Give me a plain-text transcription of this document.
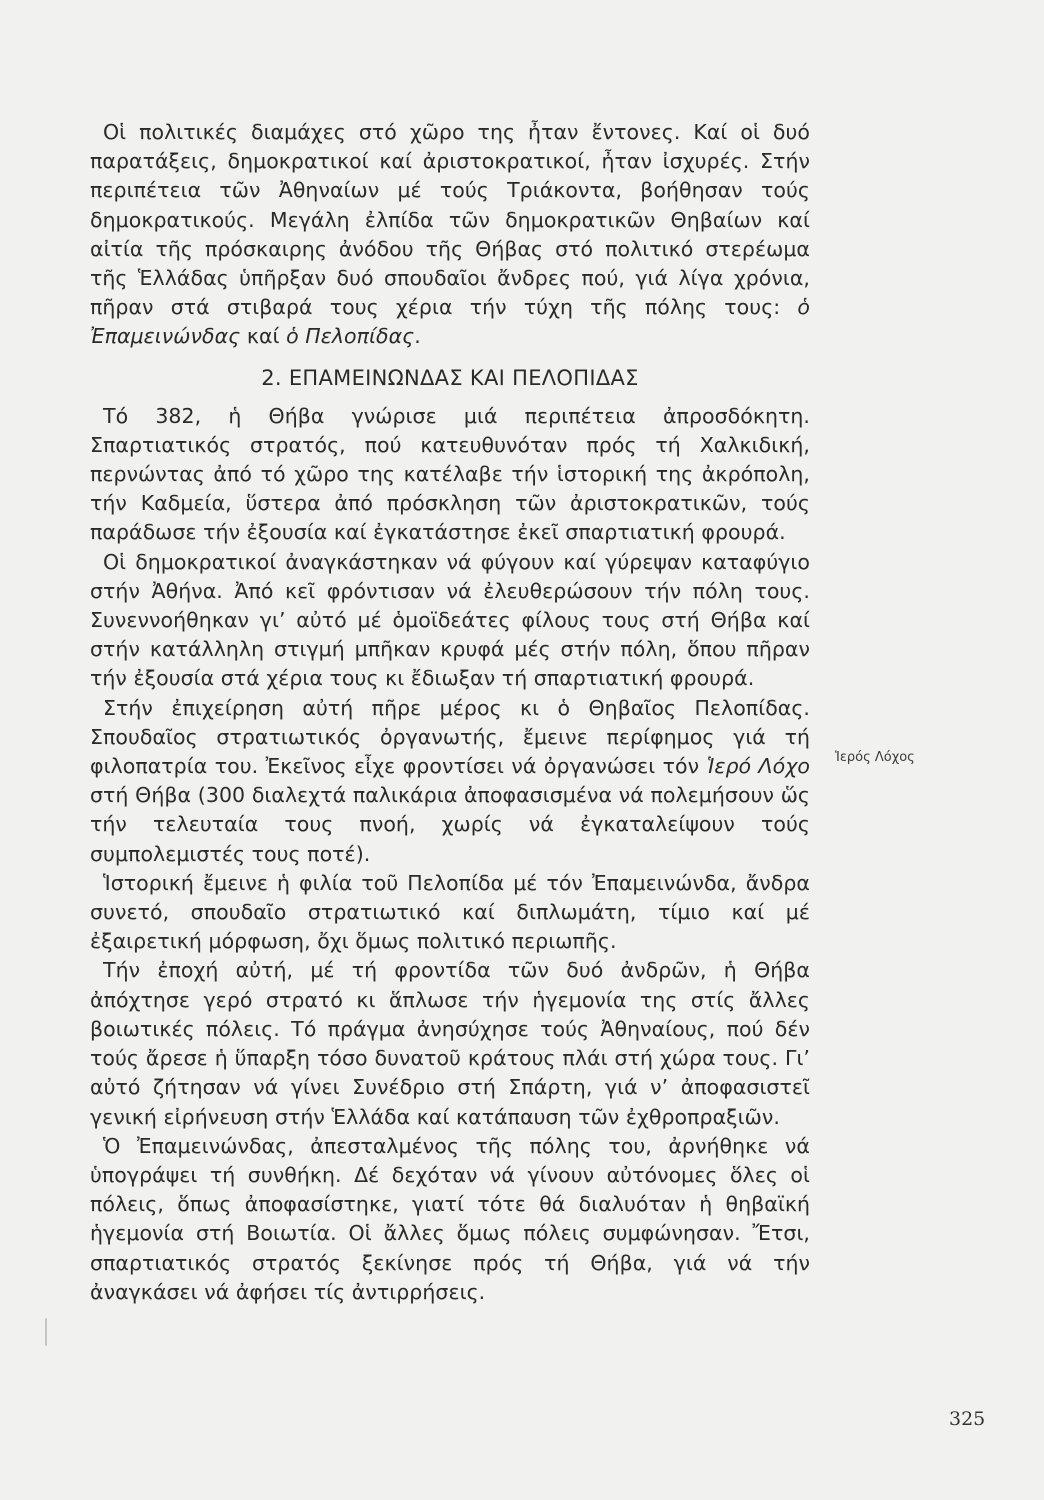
Οἱ πολιτικές διαμάχες στό χῶρο της ἦταν ἔντονες. Καί οἱ δυό παρατάξεις, δημοκρατικοί καί ἀριστοκρατικοί, ἦταν ἰσχυρές. Στήν περιπέτεια τῶν Ἀθηναίων μέ τούς Τριάκοντα, βοήθησαν τούς δημοκρατικούς. Μεγάλη ἐλπίδα τῶν δημοκρατικῶν Θηβαίων καί αἰτία τῆς πρόσκαιρης ἀνόδου τῆς Θήβας στό πολιτικό στερέωμα τῆς Ἑλλάδας ὑπῆρξαν δυό σπουδαῖοι ἄνδρες πού, γιά λίγα χρόνια, πῆραν στά στιβαρά τους χέρια τήν τύχη τῆς πόλης τους: ὁ Ἐπαμεινώνδας καί ὁ Πελοπίδας.

2. ΕΠΑΜΕΙΝΩΝΔΑΣ ΚΑΙ ΠΕΛΟΠΙΔΑΣ

Τό 382, ἡ Θήβα γνώρισε μιά περιπέτεια ἀπροσδόκητη. Σπαρτιατικός στρατός, πού κατευθυνόταν πρός τή Χαλκιδική, περνώντας ἀπό τό χῶρο της κατέλαβε τήν ἱστορική της ἀκρόπολη, τήν Καδμεία, ὕστερα ἀπό πρόσκληση τῶν ἀριστοκρατικῶν, τούς παράδωσε τήν ἐξουσία καί ἐγκατάστησε ἐκεῖ σπαρτιατική φρουρά.

Οἱ δημοκρατικοί ἀναγκάστηκαν νά φύγουν καί γύρεψαν καταφύγιο στήν Ἀθήνα. Ἀπό κεῖ φρόντισαν νά ἐλευθερώσουν τήν πόλη τους. Συνεννοήθηκαν γι’ αὐτό μέ ὁμοϊδεάτες φίλους τους στή Θήβα καί στήν κατάλληλη στιγμή μπῆκαν κρυφά μές στήν πόλη, ὅπου πῆραν τήν ἐξουσία στά χέρια τους κι ἔδιωξαν τή σπαρτιατική φρουρά.

Στήν ἐπιχείρηση αὐτή πῆρε μέρος κι ὁ Θηβαῖος Πελοπίδας. Σπουδαῖος στρατιωτικός ὀργανωτής, ἔμεινε περίφημος γιά τή φιλοπατρία του. Ἐκεῖνος εἶχε φροντίσει νά ὀργανώσει τόν Ἱερό Λόχο στή Θήβα (300 διαλεχτά παλικάρια ἀποφασισμένα νά πολεμήσουν ὥς τήν τελευταία τους πνοή, χωρίς νά ἐγκαταλείψουν τούς συμπολεμιστές τους ποτέ).

Ἱστορική ἔμεινε ἡ φιλία τοῦ Πελοπίδα μέ τόν Ἐπαμεινώνδα, ἄνδρα συνετό, σπουδαῖο στρατιωτικό καί διπλωμάτη, τίμιο καί μέ ἐξαιρετική μόρφωση, ὄχι ὅμως πολιτικό περιωπῆς.

Τήν ἐποχή αὐτή, μέ τή φροντίδα τῶν δυό ἀνδρῶν, ἡ Θήβα ἀπόχτησε γερό στρατό κι ἅπλωσε τήν ἡγεμονία της στίς ἄλλες βοιωτικές πόλεις. Τό πράγμα ἀνησύχησε τούς Ἀθηναίους, πού δέν τούς ἄρεσε ἡ ὕπαρξη τόσο δυνατοῦ κράτους πλάι στή χώρα τους. Γι’ αὐτό ζήτησαν νά γίνει Συνέδριο στή Σπάρτη, γιά ν’ ἀποφασιστεῖ γενική εἰρήνευση στήν Ἑλλάδα καί κατάπαυση τῶν ἐχθροπραξιῶν.

Ὁ Ἐπαμεινώνδας, ἀπεσταλμένος τῆς πόλης του, ἀρνήθηκε νά ὑπογράψει τή συνθήκη. Δέ δεχόταν νά γίνουν αὐτόνομες ὅλες οἱ πόλεις, ὅπως ἀποφασίστηκε, γιατί τότε θά διαλυόταν ἡ θηβαϊκή ἡγεμονία στή Βοιωτία. Οἱ ἄλλες ὅμως πόλεις συμφώνησαν. Ἔτσι, σπαρτιατικός στρατός ξεκίνησε πρός τή Θήβα, γιά νά τήν ἀναγκάσει νά ἀφήσει τίς ἀντιρρήσεις.

Ἱερός Λόχος
325
